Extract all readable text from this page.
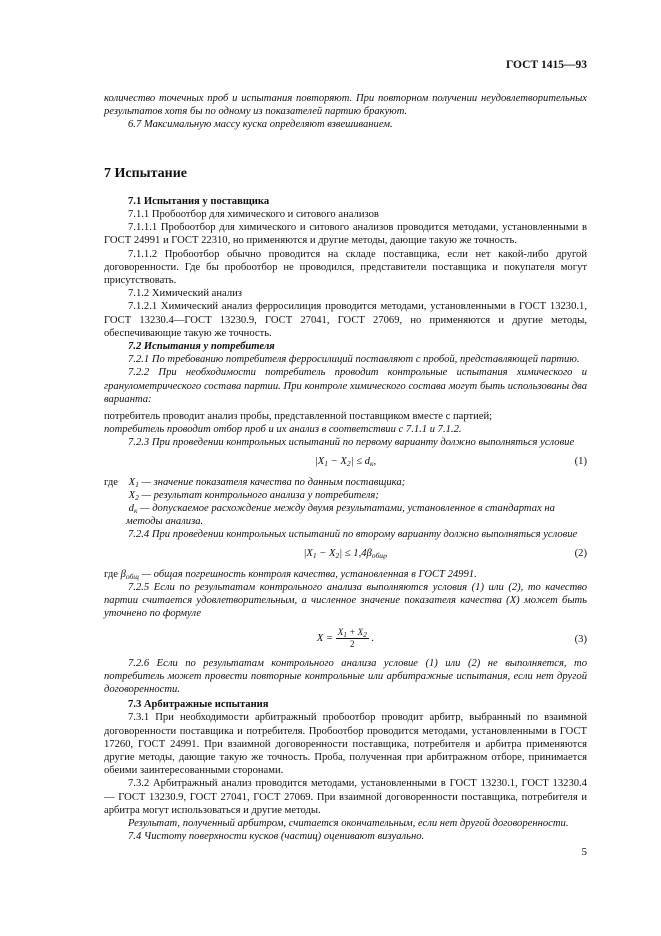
ГОСТ 1415—93

количество точечных проб и испытания повторяют. При повторном получении неудовлетворительных результатов хотя бы по одному из показателей партию бракуют.

6.7 Максимальную массу куска определяют взвешиванием.

7 Испытание

7.1 Испытания у поставщика

7.1.1 Пробоотбор для химического и ситового анализов

7.1.1.1 Пробоотбор для химического и ситового анализов проводится методами, установленными в ГОСТ 24991 и ГОСТ 22310, но применяются и другие методы, дающие такую же точность.

7.1.1.2 Пробоотбор обычно проводится на складе поставщика, если нет какой-либо другой договоренности. Где бы пробоотбор не проводился, представители поставщика и покупателя могут присутствовать.

7.1.2 Химический анализ

7.1.2.1 Химический анализ ферросилиция проводится методами, установленными в ГОСТ 13230.1, ГОСТ 13230.4—ГОСТ 13230.9, ГОСТ 27041, ГОСТ 27069, но применяются и другие методы, обеспечивающие такую же точность.

7.2 Испытания у потребителя

7.2.1 По требованию потребителя ферросилиций поставляют с пробой, представляющей партию.

7.2.2 При необходимости потребитель проводит контрольные испытания химического и гранулометрического состава партии. При контроле химического состава могут быть использованы два варианта:

потребитель проводит анализ пробы, представленной поставщиком вместе с партией;

потребитель проводит отбор проб и их анализ в соответствии с 7.1.1 и 7.1.2.

7.2.3 При проведении контрольных испытаний по первому варианту должно выполняться условие

$|X_1 - X_2| \le d_к$,	(1)
где $X_1$ — значение показателя качества по данным поставщика;
$X_2$ — результат контрольного анализа у потребителя;
$d_к$ — допускаемое расхождение между двумя результатами, установленное в стандартах на методы анализа.

7.2.4 При проведении контрольных испытаний по второму варианту должно выполняться условие

$|X_1 - X_2| \le 1,4\beta_{общ}$,	(2)

где $\beta_{общ}$ — общая погрешность контроля качества, установленная в ГОСТ 24991.

7.2.5 Если по результатам контрольного анализа выполняются условия (1) или (2), то качество партии считается удовлетворительным, а численное значение показателя качества (Х) может быть уточнено по формуле

$X = \frac{X_1 + X_2}{2}$ .	(3)

7.2.6 Если по результатам контрольного анализа условие (1) или (2) не выполняется, то потребитель может провести повторные контрольные или арбитражные испытания, если нет другой договоренности.

7.3 Арбитражные испытания

7.3.1 При необходимости арбитражный пробоотбор проводит арбитр, выбранный по взаимной договоренности поставщика и потребителя. Пробоотбор проводится методами, установленными в ГОСТ 17260, ГОСТ 24991. При взаимной договоренности поставщика, потребителя и арбитра применяются другие методы, дающие такую же точность. Проба, полученная при арбитражном отборе, принимается обеими заинтересованными сторонами.

7.3.2 Арбитражный анализ проводится методами, установленными в ГОСТ 13230.1, ГОСТ 13230.4 — ГОСТ 13230.9, ГОСТ 27041, ГОСТ 27069. При взаимной договоренности поставщика, потребителя и арбитра могут использоваться и другие методы.

Результат, полученный арбитром, считается окончательным, если нет другой договоренности.

7.4 Чистоту поверхности кусков (частиц) оценивают визуально.

5
